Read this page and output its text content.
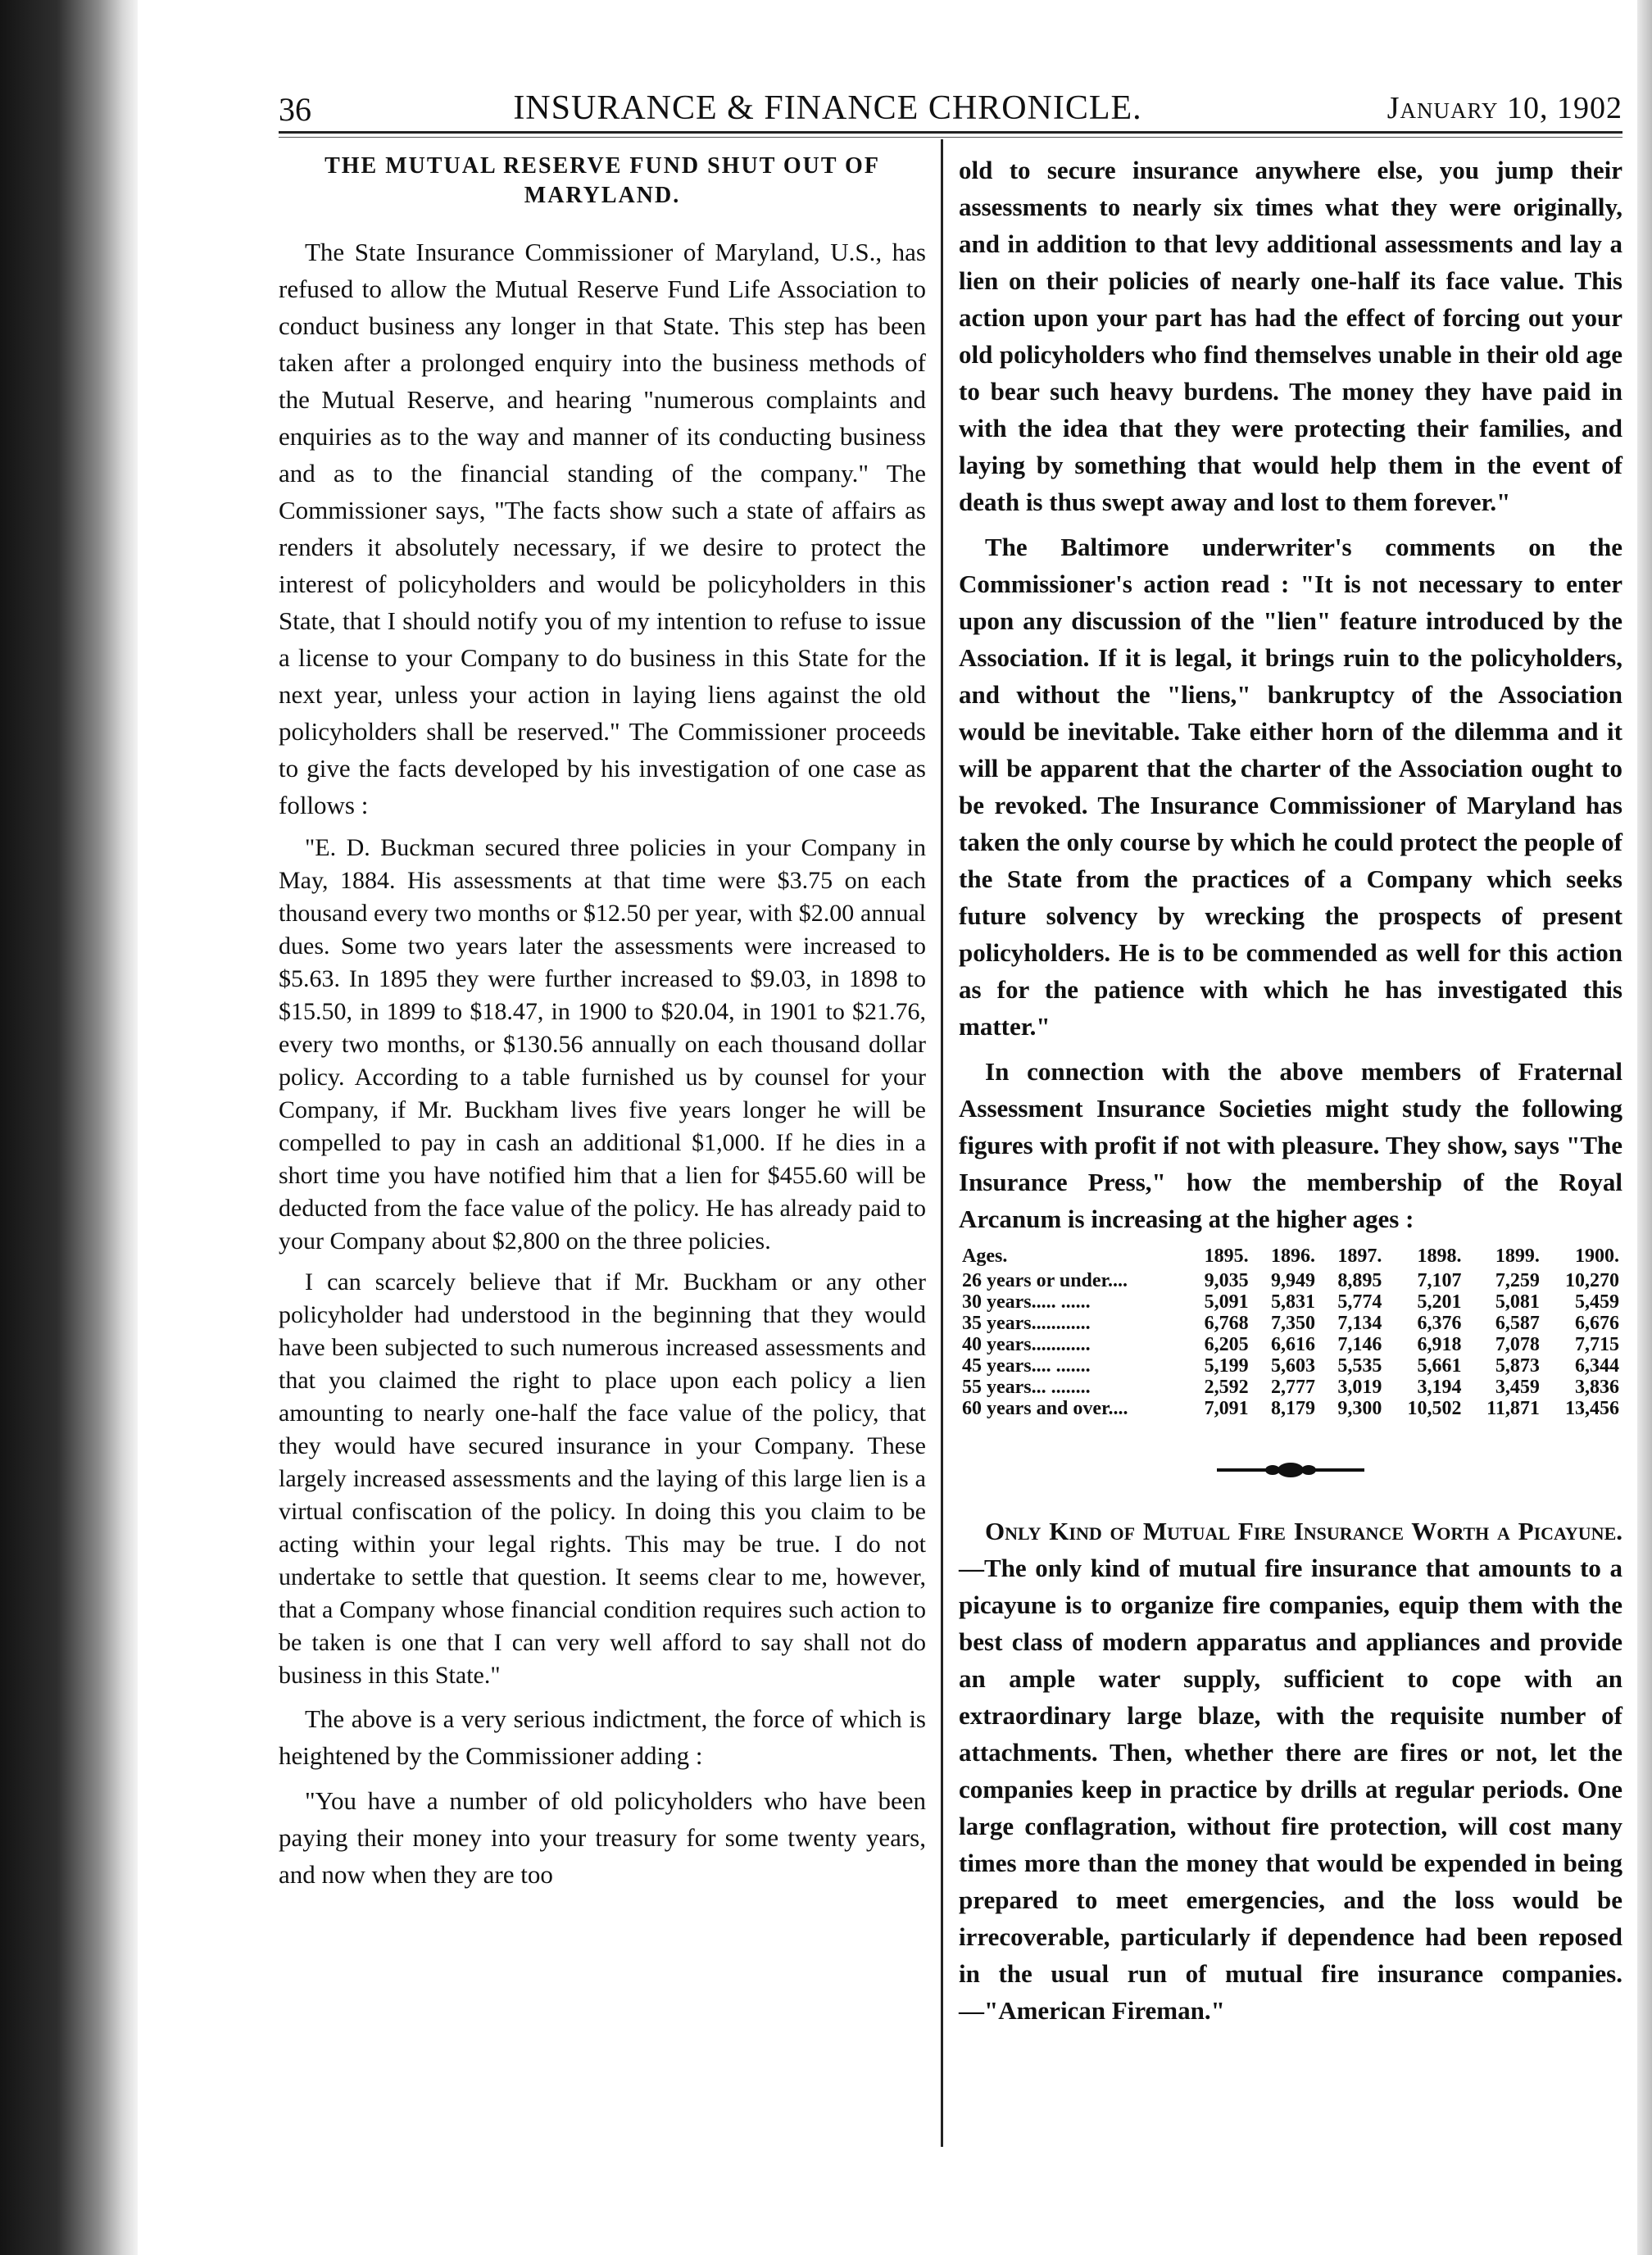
36	INSURANCE & FINANCE CHRONICLE.	January 10, 1902

THE MUTUAL RESERVE FUND SHUT OUT OF MARYLAND.

The State Insurance Commissioner of Maryland, U.S., has refused to allow the Mutual Reserve Fund Life Association to conduct business any longer in that State. This step has been taken after a prolonged enquiry into the business methods of the Mutual Reserve, and hearing "numerous complaints and enquiries as to the way and manner of its conducting business and as to the financial standing of the company." The Commissioner says, "The facts show such a state of affairs as renders it absolutely necessary, if we desire to protect the interest of policyholders and would be policyholders in this State, that I should notify you of my intention to refuse to issue a license to your Company to do business in this State for the next year, unless your action in laying liens against the old policyholders shall be reserved." The Commissioner proceeds to give the facts developed by his investigation of one case as follows :

"E. D. Buckman secured three policies in your Company in May, 1884. His assessments at that time were $3.75 on each thousand every two months or $12.50 per year, with $2.00 annual dues. Some two years later the assessments were increased to $5.63. In 1895 they were further increased to $9.03, in 1898 to $15.50, in 1899 to $18.47, in 1900 to $20.04, in 1901 to $21.76, every two months, or $130.56 annually on each thousand dollar policy. According to a table furnished us by counsel for your Company, if Mr. Buckham lives five years longer he will be compelled to pay in cash an additional $1,000. If he dies in a short time you have notified him that a lien for $455.60 will be deducted from the face value of the policy. He has already paid to your Company about $2,800 on the three policies.

I can scarcely believe that if Mr. Buckham or any other policyholder had understood in the beginning that they would have been subjected to such numerous increased assessments and that you claimed the right to place upon each policy a lien amounting to nearly one-half the face value of the policy, that they would have secured insurance in your Company. These largely increased assessments and the laying of this large lien is a virtual confiscation of the policy. In doing this you claim to be acting within your legal rights. This may be true. I do not undertake to settle that question. It seems clear to me, however, that a Company whose financial condition requires such action to be taken is one that I can very well afford to say shall not do business in this State."

The above is a very serious indictment, the force of which is heightened by the Commissioner adding :

"You have a number of old policyholders who have been paying their money into your treasury for some twenty years, and now when they are too

old to secure insurance anywhere else, you jump their assessments to nearly six times what they were originally, and in addition to that levy additional assessments and lay a lien on their policies of nearly one-half its face value. This action upon your part has had the effect of forcing out your old policyholders who find themselves unable in their old age to bear such heavy burdens. The money they have paid in with the idea that they were protecting their families, and laying by something that would help them in the event of death is thus swept away and lost to them forever."

The Baltimore underwriter's comments on the Commissioner's action read : "It is not necessary to enter upon any discussion of the "lien" feature introduced by the Association. If it is legal, it brings ruin to the policyholders, and without the "liens," bankruptcy of the Association would be inevitable. Take either horn of the dilemma and it will be apparent that the charter of the Association ought to be revoked. The Insurance Commissioner of Maryland has taken the only course by which he could protect the people of the State from the practices of a Company which seeks future solvency by wrecking the prospects of present policyholders. He is to be commended as well for this action as for the patience with which he has investigated this matter."

In connection with the above members of Fraternal Assessment Insurance Societies might study the following figures with profit if not with pleasure. They show, says "The Insurance Press," how the membership of the Royal Arcanum is increasing at the higher ages :

Ages.	1895.	1896.	1897.	1898.	1899.	1900.
26 years or under....	9,035	9,949	8,895	7,107	7,259	10,270
30 years..... ......	5,091	5,831	5,774	5,201	5,081	5,459
35 years............	6,768	7,350	7,134	6,376	6,587	6,676
40 years............	6,205	6,616	7,146	6,918	7,078	7,715
45 years.... .......	5,199	5,603	5,535	5,661	5,873	6,344
55 years... ........	2,592	2,777	3,019	3,194	3,459	3,836
60 years and over....	7,091	8,179	9,300	10,502	11,871	13,456

Only Kind of Mutual Fire Insurance Worth a Picayune.—The only kind of mutual fire insurance that amounts to a picayune is to organize fire companies, equip them with the best class of modern apparatus and appliances and provide an ample water supply, sufficient to cope with an extraordinary large blaze, with the requisite number of attachments. Then, whether there are fires or not, let the companies keep in practice by drills at regular periods. One large conflagration, without fire protection, will cost many times more than the money that would be expended in being prepared to meet emergencies, and the loss would be irrecoverable, particularly if dependence had been reposed in the usual run of mutual fire insurance companies.—"American Fireman."
